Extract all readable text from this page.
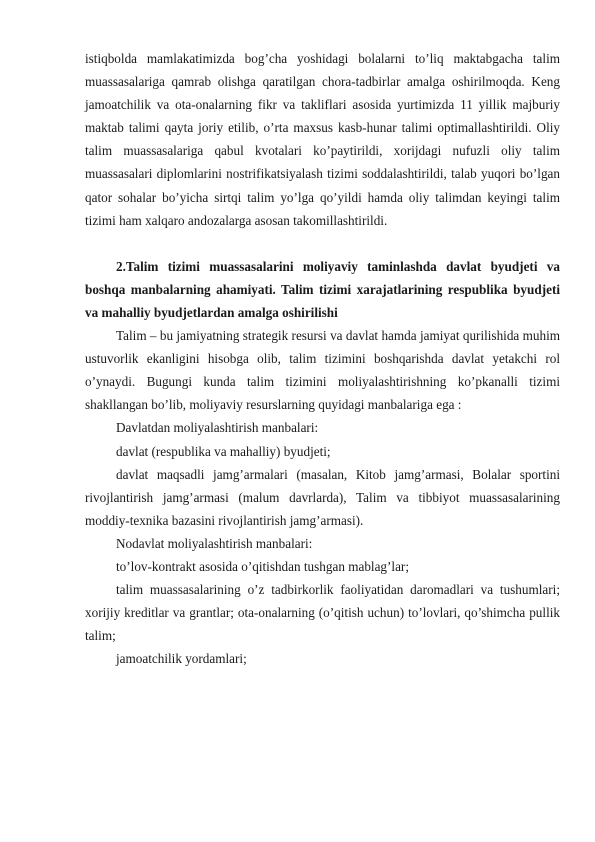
istiqbolda mamlakatimizda bog’cha yoshidagi bolalarni to’liq maktabgacha talim muassasalariga qamrab olishga qaratilgan chora-tadbirlar amalga oshirilmoqda. Keng jamoatchilik va ota-onalarning fikr va takliflari asosida yurtimizda 11 yillik majburiy maktab talimi qayta joriy etilib, o’rta maxsus kasb-hunar talimi optimallashtirildi. Oliy talim muassasalariga qabul kvotalari ko’paytirildi, xorijdagi nufuzli oliy talim muassasalari diplomlarini nostrifikatsiyalash tizimi soddalashtirildi, talab yuqori bo’lgan qator sohalar bo’yicha sirtqi talim yo’lga qo’yildi hamda oliy talimdan keyingi talim tizimi ham xalqaro andozalarga asosan takomillashtirildi.

2.Talim tizimi muassasalarini moliyaviy taminlashda davlat byudjeti va boshqa manbalarning ahamiyati. Talim tizimi xarajatlarining respublika byudjeti va mahalliy byudjetlardan amalga oshirilishi

Talim – bu jamiyatning strategik resursi va davlat hamda jamiyat qurilishida muhim ustuvorlik ekanligini hisobga olib, talim tizimini boshqarishda davlat yetakchi rol o’ynaydi. Bugungi kunda talim tizimini moliyalashtirishning ko’pkanalli tizimi shakllangan bo’lib, moliyaviy resurslarning quyidagi manbalariga ega :

Davlatdan moliyalashtirish manbalari:

davlat (respublika va mahalliy) byudjeti;

davlat maqsadli jamg’armalari (masalan, Kitob jamg’armasi, Bolalar sportini rivojlantirish jamg’armasi (malum davrlarda), Talim va tibbiyot muassasalarining moddiy-texnika bazasini rivojlantirish jamg’armasi).

Nodavlat moliyalashtirish manbalari:

to’lov-kontrakt asosida o’qitishdan tushgan mablag’lar;

talim muassasalarining o’z tadbirkorlik faoliyatidan daromadlari va tushumlari; xorijiy kreditlar va grantlar; ota-onalarning (o’qitish uchun) to’lovlari, qo’shimcha pullik talim;

jamoatchilik yordamlari;
